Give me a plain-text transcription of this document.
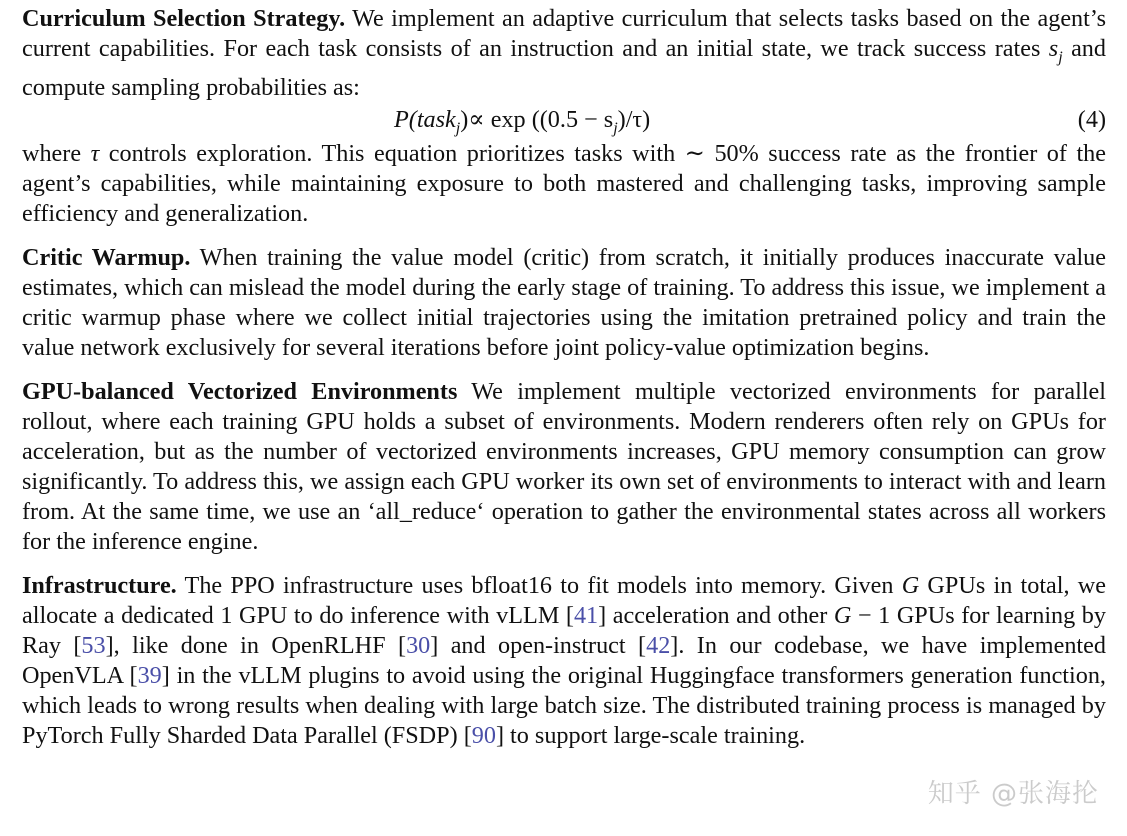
Curriculum Selection Strategy. We implement an adaptive curriculum that selects tasks based on the agent’s current capabilities. For each task consists of an instruction and an initial state, we track success rates $s_j$ and compute sampling probabilities as:

P(task$_j$)∝ $\exp ((0.5 - s_j)/\tau)$	(4)

where τ controls exploration. This equation prioritizes tasks with ∼ 50% success rate as the frontier of the agent’s capabilities, while maintaining exposure to both mastered and challenging tasks, improving sample efficiency and generalization.

Critic Warmup. When training the value model (critic) from scratch, it initially produces inaccurate value estimates, which can mislead the model during the early stage of training. To address this issue, we implement a critic warmup phase where we collect initial trajectories using the imitation pretrained policy and train the value network exclusively for several iterations before joint policy-value optimization begins.

GPU-balanced Vectorized Environments We implement multiple vectorized environments for parallel rollout, where each training GPU holds a subset of environments. Modern renderers often rely on GPUs for acceleration, but as the number of vectorized environments increases, GPU memory consumption can grow significantly. To address this, we assign each GPU worker its own set of environments to interact with and learn from. At the same time, we use an ‘all_reduce‘ operation to gather the environmental states across all workers for the inference engine.

Infrastructure. The PPO infrastructure uses bfloat16 to fit models into memory. Given G GPUs in total, we allocate a dedicated 1 GPU to do inference with vLLM [41] acceleration and other G − 1 GPUs for learning by Ray [53], like done in OpenRLHF [30] and open-instruct [42]. In our codebase, we have implemented OpenVLA [39] in the vLLM plugins to avoid using the original Huggingface transformers generation function, which leads to wrong results when dealing with large batch size. The distributed training process is managed by PyTorch Fully Sharded Data Parallel (FSDP) [90] to support large-scale training.

知乎 @张海抡
